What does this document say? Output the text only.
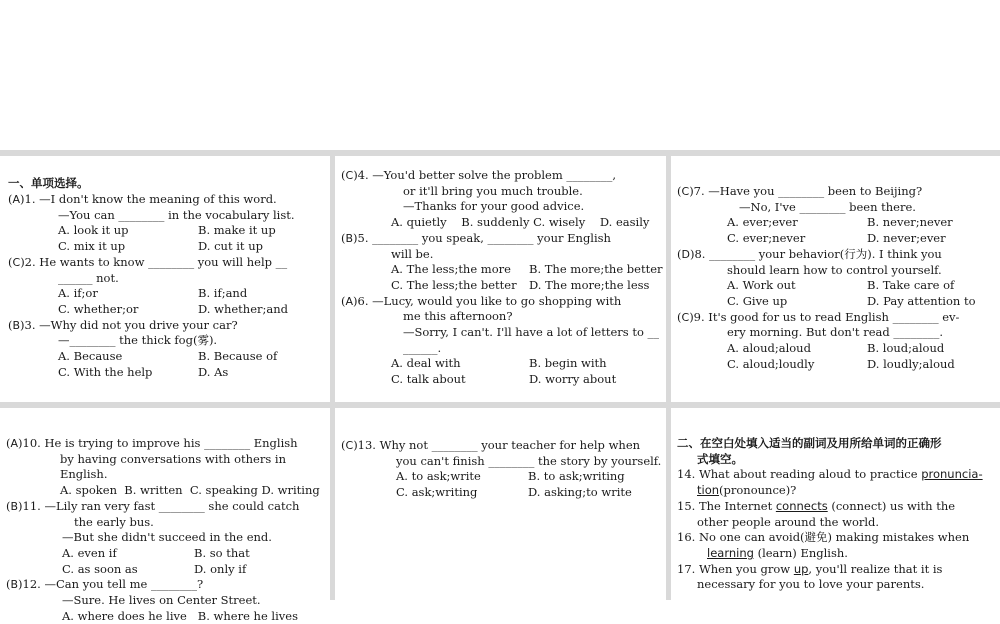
一、单项选择。
(A)1. —I don't know the meaning of this word.
—You can ________ in the vocabulary list.
A. look it up	B. make it up
C. mix it up	D. cut it up
(C)2. He wants to know ________ you will help __
______ not.
A. if;or	B. if;and
C. whether;or	D. whether;and
(B)3. —Why did not you drive your car?
—________ the thick fog(雾).
A. Because	B. Because of
C. With the help	D. As
(C)4. —You'd better solve the problem ________,
or it'll bring you much trouble.
—Thanks for your good advice.
A. quietly    B. suddenly C. wisely    D. easily
(B)5. ________ you speak, ________ your English
will be.
A. The less;the more	B. The more;the better
C. The less;the better	D. The more;the less
(A)6. —Lucy, would you like to go shopping with
me this afternoon?
—Sorry, I can't. I'll have a lot of letters to __
______.
A. deal with	B. begin with
C. talk about	D. worry about
(C)7. —Have you ________ been to Beijing?
—No, I've ________ been there.
A. ever;ever	B. never;never
C. ever;never	D. never;ever
(D)8. ________ your behavior(行为). I think you
should learn how to control yourself.
A. Work out	B. Take care of
C. Give up	D. Pay attention to
(C)9. It's good for us to read English ________ ev-
ery morning. But don't read ________.
A. aloud;aloud	B. loud;aloud
C. aloud;loudly	D. loudly;aloud
(A)10. He is trying to improve his ________ English
by having conversations with others in English.
A. spoken  B. written  C. speaking D. writing
(B)11. —Lily ran very fast ________ she could catch
the early bus.
—But she didn't succeed in the end.
A. even if	B. so that
C. as soon as	D. only if
(B)12. —Can you tell me ________?
—Sure. He lives on Center Street.
A. where does he live   B. where he lives
(C)13. Why not ________ your teacher for help when
you can't finish ________ the story by yourself.
A. to ask;write	B. to ask;writing
C. ask;writing	D. asking;to write
二、在空白处填入适当的副词及用所给单词的正确形
式填空。
14. What about reading aloud to practice pronuncia-
tion(pronounce)?
15. The Internet connects (connect) us with the
other people around the world.
16. No one can avoid(避免) making mistakes when
learning (learn) English.
17. When you grow up, you'll realize that it is
necessary for you to love your parents.
